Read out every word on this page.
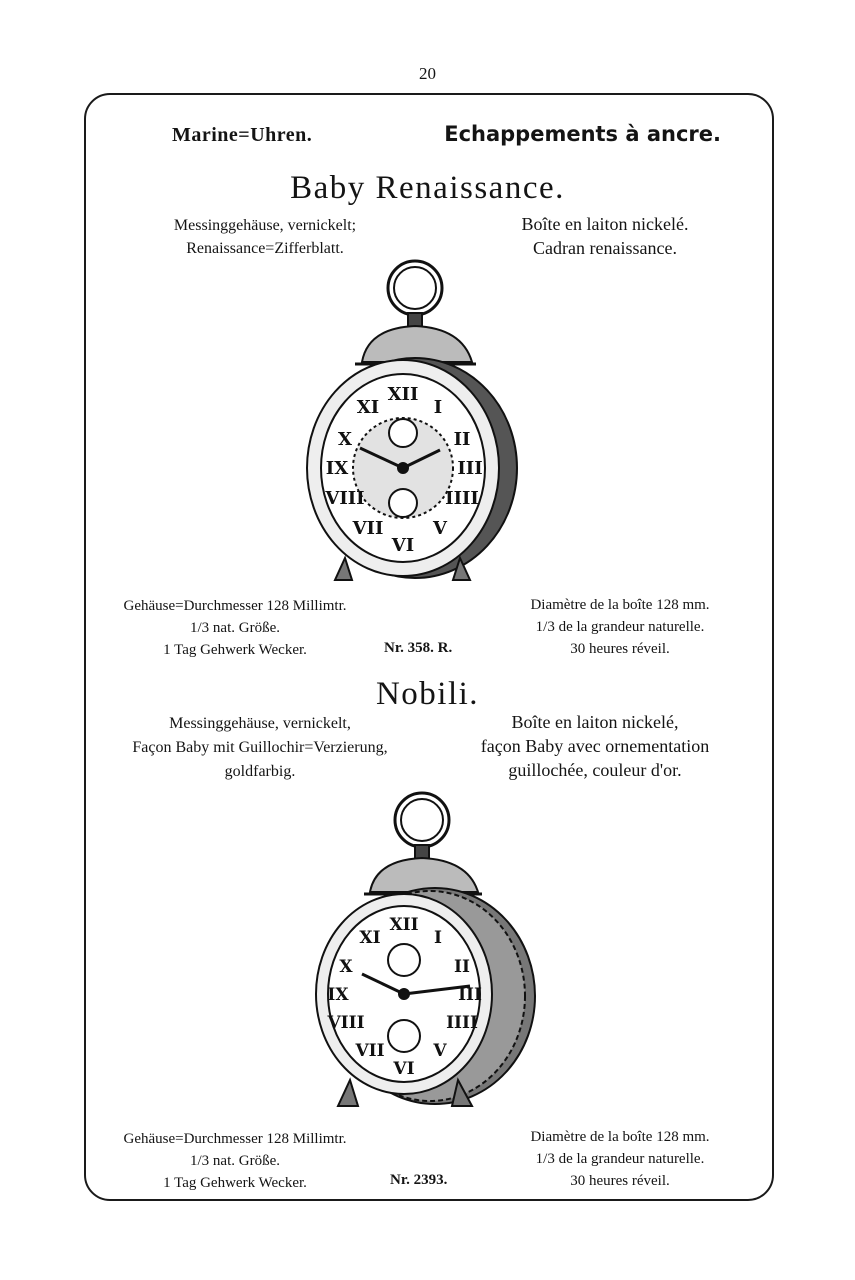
20
Marine=Uhren.	Echappements à ancre.
Baby Renaissance.
Messinggehäuse, vernickelt;
Renaissance=Zifferblatt.
Boîte en laiton nickelé.
Cadran renaissance.
XII
I
II
III
IIII
V
VI
VII
VIII
IX
X
XI
Gehäuse=Durchmesser 128 Millimtr.
1/3 nat. Größe.
1 Tag Gehwerk Wecker.	Nr. 358. R.
Diamètre de la boîte 128 mm.
1/3 de la grandeur naturelle.
30 heures réveil.
Nobili.
Messinggehäuse, vernickelt,
Façon Baby mit Guillochir=Verzierung,
goldfarbig.
Boîte en laiton nickelé,
façon Baby avec ornementation
guillochée, couleur d'or.
XII
I
II
III
IIII
V
VI
VII
VIII
IX
X
XI
Gehäuse=Durchmesser 128 Millimtr.
1/3 nat. Größe.
1 Tag Gehwerk Wecker.	Nr. 2393.
Diamètre de la boîte 128 mm.
1/3 de la grandeur naturelle.
30 heures réveil.
